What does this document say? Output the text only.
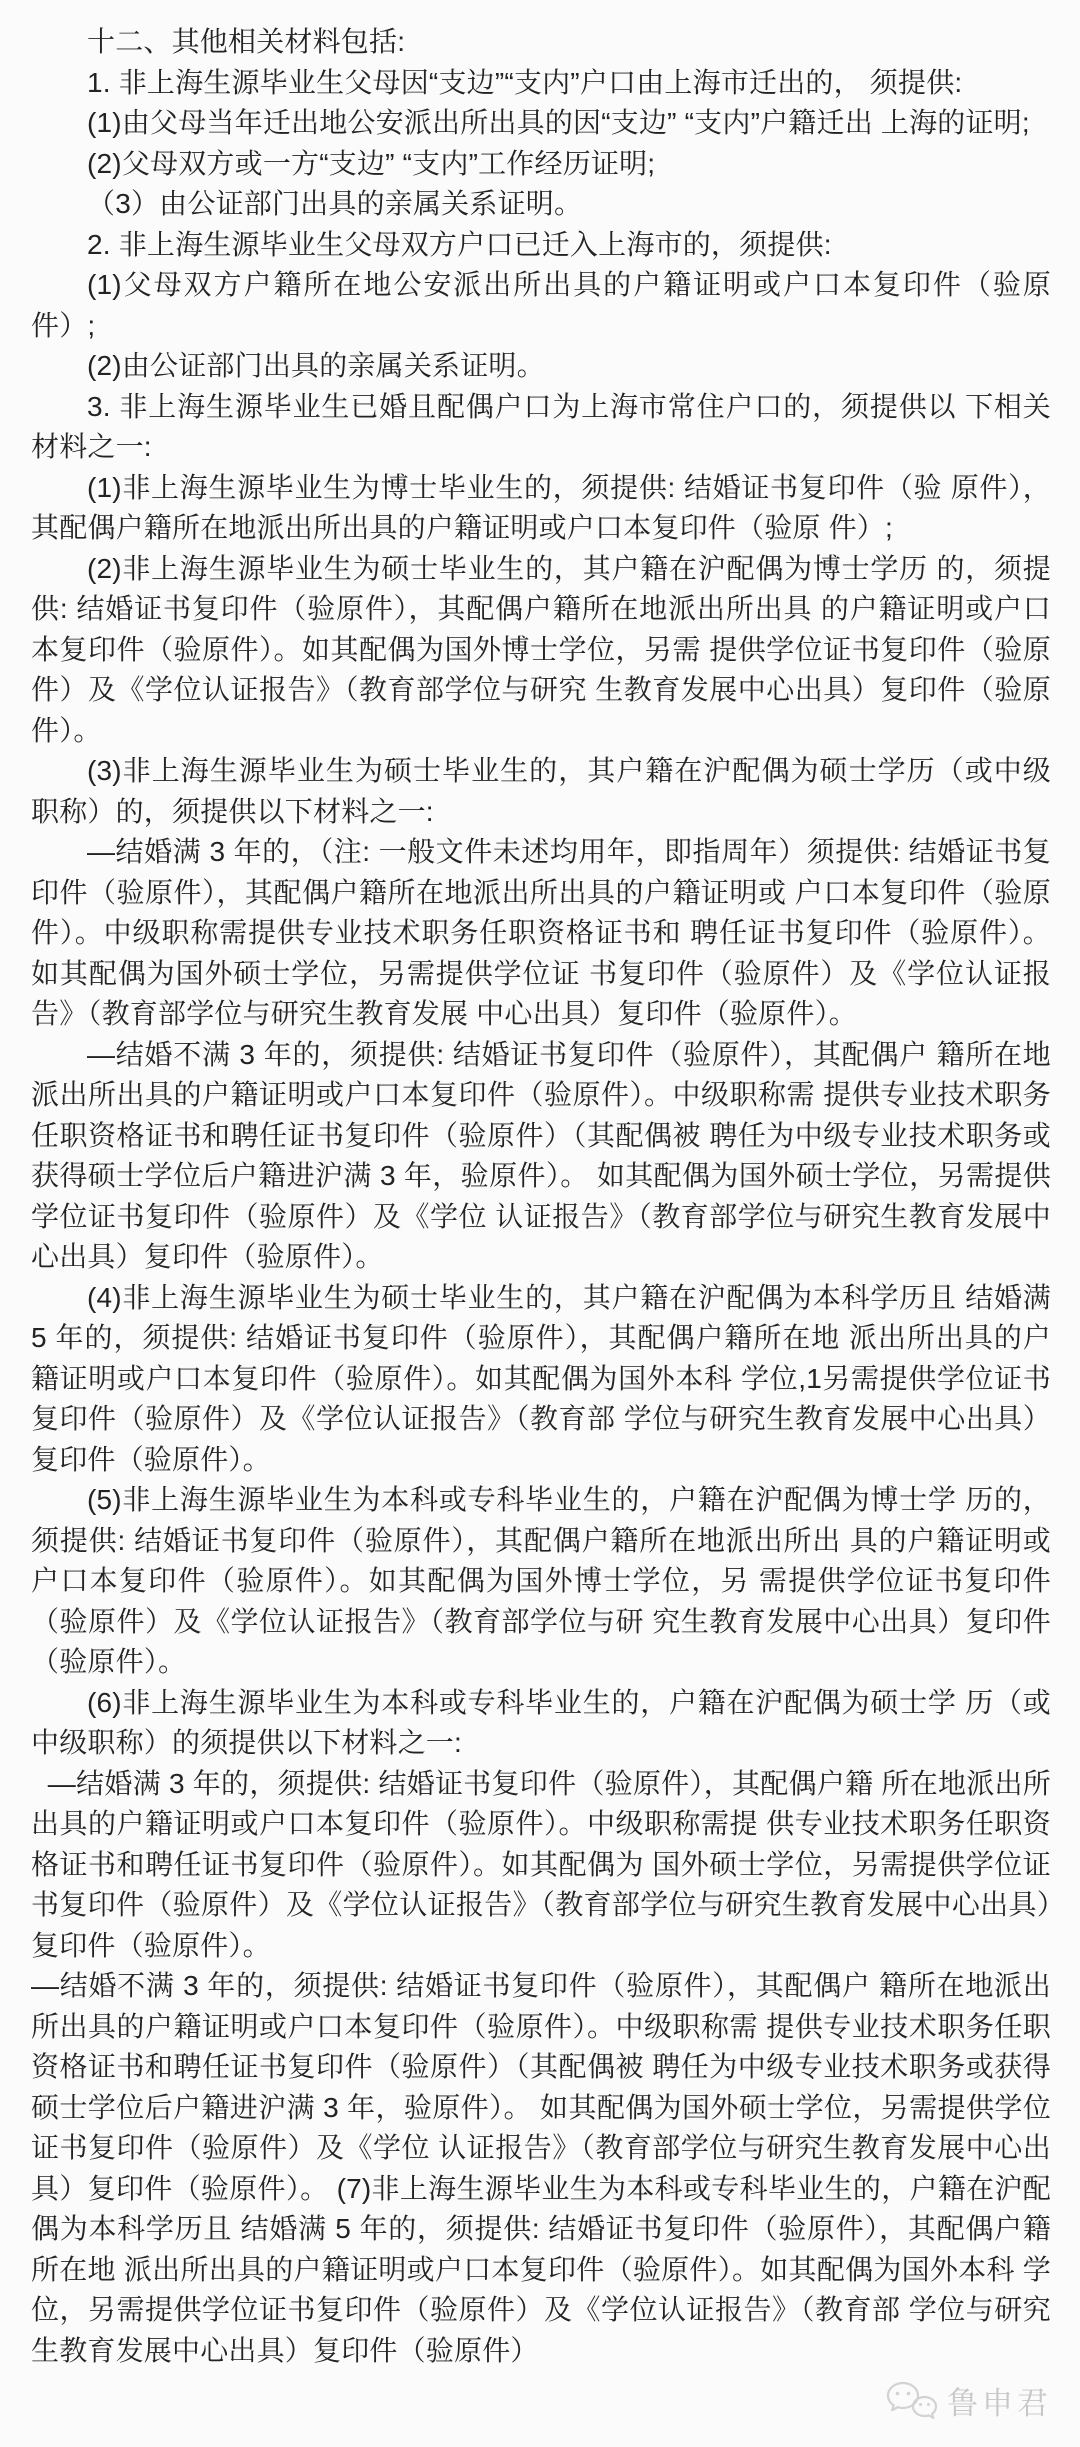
十二、其他相关材料包括:

1. 非上海生源毕业生父母因“支边”“支内”户口由上海市迁出的， 须提供:

(1)由父母当年迁出地公安派出所出具的因“支边” “支内”户籍迁出 上海的证明;

(2)父母双方或一方“支边” “支内”工作经历证明;

（3）由公证部门出具的亲属关系证明。

2. 非上海生源毕业生父母双方户口已迁入上海市的，须提供:

(1)父母双方户籍所在地公安派出所出具的户籍证明或户口本复印件（验原件）;

(2)由公证部门出具的亲属关系证明。

3. 非上海生源毕业生已婚且配偶户口为上海市常住户口的，须提供以 下相关材料之一:

(1)非上海生源毕业生为博士毕业生的，须提供: 结婚证书复印件（验 原件），其配偶户籍所在地派出所出具的户籍证明或户口本复印件（验原 件）;

(2)非上海生源毕业生为硕士毕业生的，其户籍在沪配偶为博士学历 的，须提供: 结婚证书复印件（验原件），其配偶户籍所在地派出所出具 的户籍证明或户口本复印件（验原件）。如其配偶为国外博士学位，另需 提供学位证书复印件（验原件）及《学位认证报告》（教育部学位与研究 生教育发展中心出具）复印件（验原件）。

(3)非上海生源毕业生为硕士毕业生的，其户籍在沪配偶为硕士学历（或中级职称）的，须提供以下材料之一:

—结婚满 3 年的，（注: 一般文件未述均用年，即指周年）须提供: 结婚证书复印件（验原件），其配偶户籍所在地派出所出具的户籍证明或 户口本复印件（验原件）。中级职称需提供专业技术职务任职资格证书和 聘任证书复印件（验原件）。如其配偶为国外硕士学位，另需提供学位证 书复印件（验原件）及《学位认证报告》（教育部学位与研究生教育发展 中心出具）复印件（验原件）。

—结婚不满 3 年的，须提供: 结婚证书复印件（验原件），其配偶户 籍所在地派出所出具的户籍证明或户口本复印件（验原件）。中级职称需 提供专业技术职务任职资格证书和聘任证书复印件（验原件）（其配偶被 聘任为中级专业技术职务或获得硕士学位后户籍进沪满 3 年，验原件）。 如其配偶为国外硕士学位，另需提供学位证书复印件（验原件）及《学位 认证报告》（教育部学位与研究生教育发展中心出具）复印件（验原件）。

(4)非上海生源毕业生为硕士毕业生的，其户籍在沪配偶为本科学历且 结婚满 5 年的，须提供: 结婚证书复印件（验原件），其配偶户籍所在地 派出所出具的户籍证明或户口本复印件（验原件）。如其配偶为国外本科 学位,1另需提供学位证书复印件（验原件）及《学位认证报告》（教育部 学位与研究生教育发展中心出具）复印件（验原件）。

(5)非上海生源毕业生为本科或专科毕业生的，户籍在沪配偶为博士学 历的，须提供: 结婚证书复印件（验原件），其配偶户籍所在地派出所出 具的户籍证明或户口本复印件（验原件）。如其配偶为国外博士学位，另 需提供学位证书复印件（验原件）及《学位认证报告》（教育部学位与研 究生教育发展中心出具）复印件（验原件）。

(6)非上海生源毕业生为本科或专科毕业生的，户籍在沪配偶为硕士学 历（或中级职称）的须提供以下材料之一:

—结婚满 3 年的，须提供: 结婚证书复印件（验原件），其配偶户籍 所在地派出所出具的户籍证明或户口本复印件（验原件）。中级职称需提 供专业技术职务任职资格证书和聘任证书复印件（验原件）。如其配偶为 国外硕士学位，另需提供学位证书复印件（验原件）及《学位认证报告》（教育部学位与研究生教育发展中心出具）复印件（验原件）。

—结婚不满 3 年的，须提供: 结婚证书复印件（验原件），其配偶户 籍所在地派出所出具的户籍证明或户口本复印件（验原件）。中级职称需 提供专业技术职务任职资格证书和聘任证书复印件（验原件）（其配偶被 聘任为中级专业技术职务或获得硕士学位后户籍进沪满 3 年，验原件）。 如其配偶为国外硕士学位，另需提供学位证书复印件（验原件）及《学位 认证报告》（教育部学位与研究生教育发展中心出具）复印件（验原件）。 (7)非上海生源毕业生为本科或专科毕业生的，户籍在沪配偶为本科学历且 结婚满 5 年的，须提供: 结婚证书复印件（验原件），其配偶户籍所在地 派出所出具的户籍证明或户口本复印件（验原件）。如其配偶为国外本科 学位，另需提供学位证书复印件（验原件）及《学位认证报告》（教育部 学位与研究生教育发展中心出具）复印件（验原件）

鲁申君
